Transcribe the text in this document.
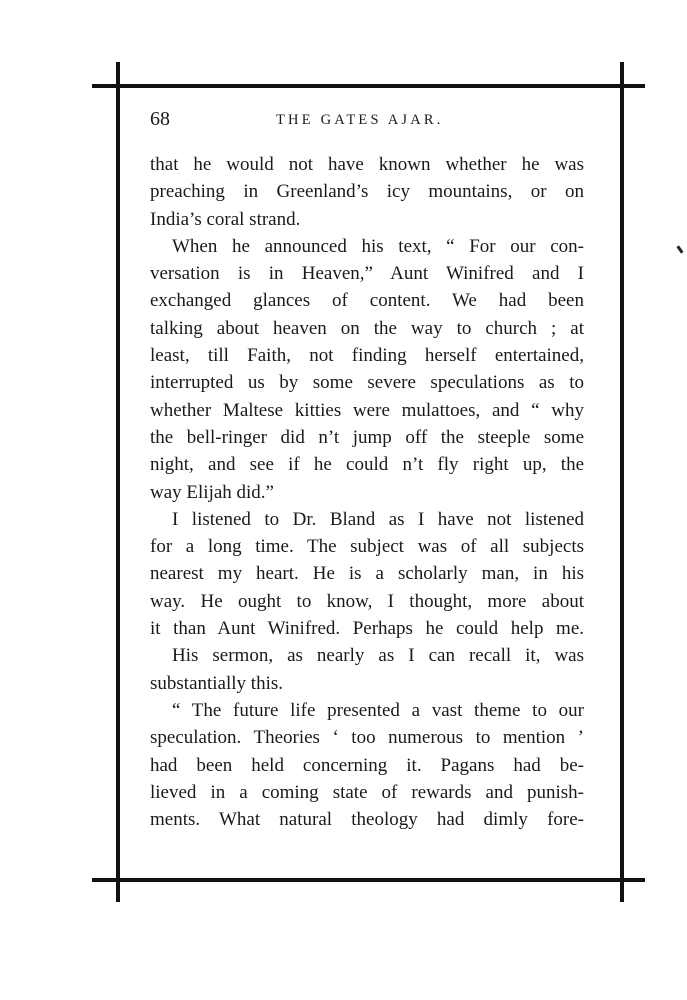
68	THE GATES AJAR.
that he would not have known whether he was
preaching in Greenland’s icy mountains, or on
India’s coral strand.
When he announced his text, “ For our con-
versation is in Heaven,” Aunt Winifred and I
exchanged glances of content. We had been
talking about heaven on the way to church ; at
least, till Faith, not finding herself entertained,
interrupted us by some severe speculations as to
whether Maltese kitties were mulattoes, and “ why
the bell-ringer did n’t jump off the steeple some
night, and see if he could n’t fly right up, the
way Elijah did.”
I listened to Dr. Bland as I have not listened
for a long time. The subject was of all subjects
nearest my heart. He is a scholarly man, in his
way. He ought to know, I thought, more about
it than Aunt Winifred. Perhaps he could help me.
His sermon, as nearly as I can recall it, was
substantially this.
“ The future life presented a vast theme to our
speculation. Theories ‘ too numerous to mention ’
had been held concerning it. Pagans had be-
lieved in a coming state of rewards and punish-
ments. What natural theology had dimly fore-
